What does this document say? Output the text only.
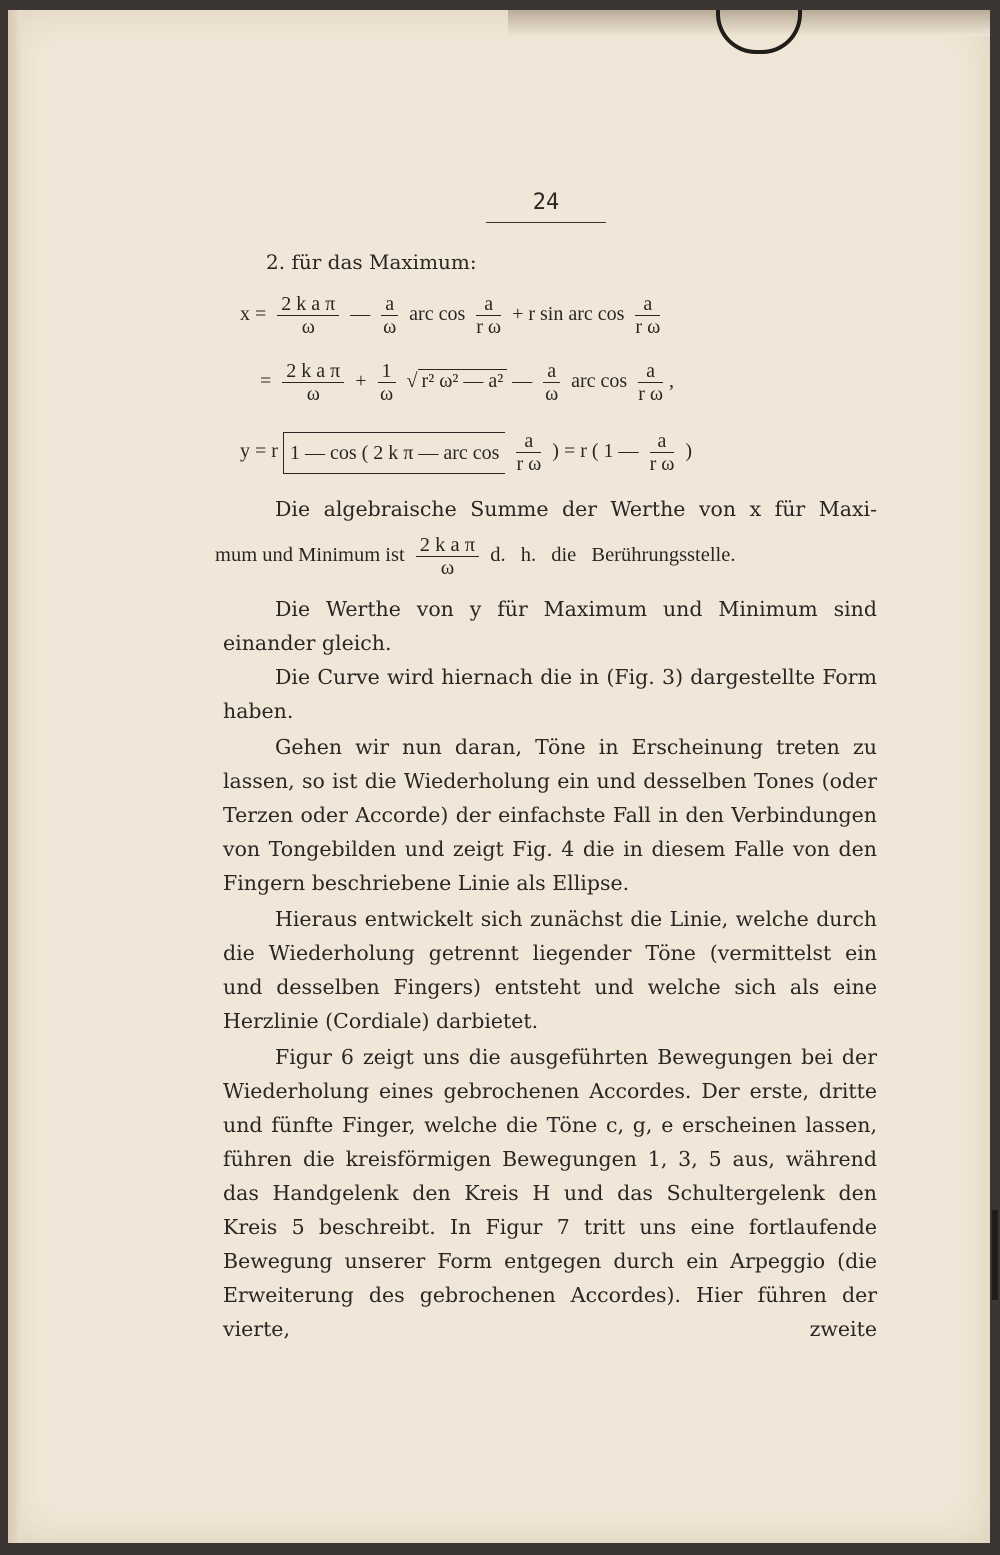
24
2. für das Maximum:
$x = \frac{\text{2 k a π}}{\omega}$ — $\frac{a}{\omega}$ arc $\cos \frac{a}{\text{r ω}} + r$ sin arc $\cos \frac{a}{\text{r ω}}$
= $\frac{\text{2 k a π}}{\omega} + \frac{1}{\omega}$ √ r² ω² — a² — $\frac{a}{\omega}$ arc $\cos \frac{a}{\text{r ω}}$ ,
y = r 1 — cos ( 2 k π — arc $\cos \frac{a}{\text{r ω}}$ ) = r ( 1 — $\frac{a}{\text{r ω}}$ )
Die algebraische Summe der Werthe von x für Maxi-
mum und Minimum ist $\frac{\text{2 k a π}}{\omega} d$. h. die Berührungsstelle.
Die Werthe von y für Maximum und Minimum sind einander gleich.
Die Curve wird hiernach die in (Fig. 3) dargestellte Form haben.
Gehen wir nun daran, Töne in Erscheinung treten zu lassen, so ist die Wiederholung ein und desselben Tones (oder Terzen oder Accorde) der einfachste Fall in den Verbindungen von Tongebilden und zeigt Fig. 4 die in diesem Falle von den Fingern beschriebene Linie als Ellipse.
Hieraus entwickelt sich zunächst die Linie, welche durch die Wiederholung getrennt liegender Töne (vermittelst ein und desselben Fingers) entsteht und welche sich als eine Herzlinie (Cordiale) darbietet.
Figur 6 zeigt uns die ausgeführten Bewegungen bei der Wiederholung eines gebrochenen Accordes. Der erste, dritte und fünfte Finger, welche die Töne c, g, e erscheinen lassen, führen die kreisförmigen Bewegungen 1, 3, 5 aus, während das Handgelenk den Kreis H und das Schultergelenk den Kreis 5 beschreibt. In Figur 7 tritt uns eine fortlaufende Bewegung unserer Form entgegen durch ein Arpeggio (die Erweiterung des gebrochenen Accordes). Hier führen der vierte, zweite
